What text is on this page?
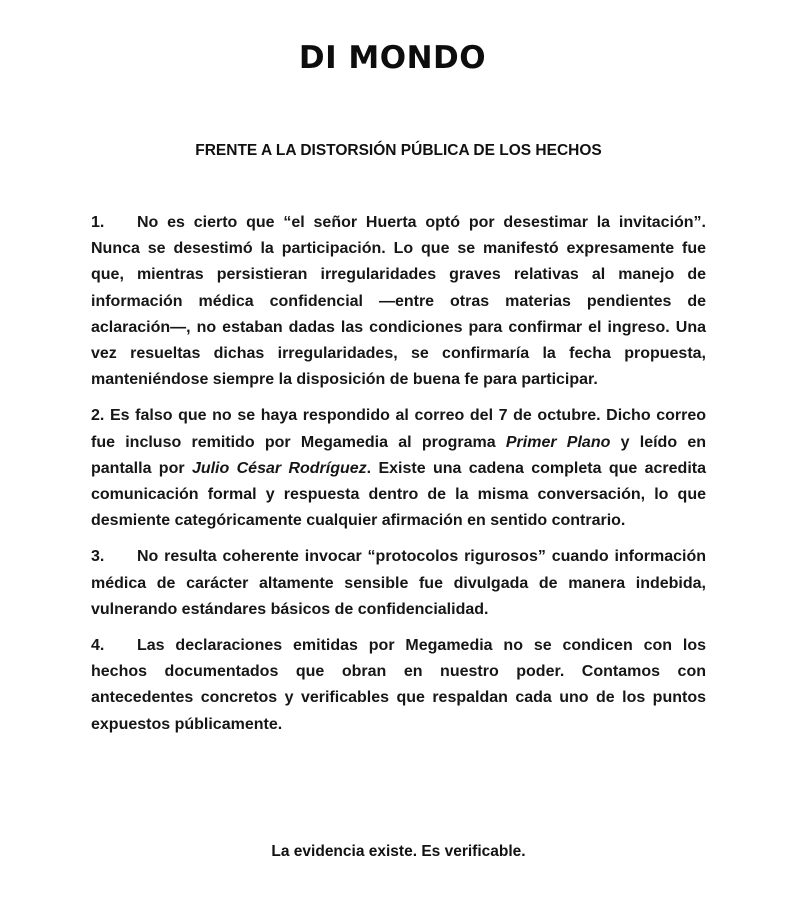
DI MONDO
FRENTE A LA DISTORSIÓN PÚBLICA DE LOS HECHOS

1. No es cierto que “el señor Huerta optó por desestimar la invitación”. Nunca se desestimó la participación. Lo que se manifestó expresamente fue que, mientras persistieran irregularidades graves relativas al manejo de información médica confidencial —entre otras materias pendientes de aclaración—, no estaban dadas las condiciones para confirmar el ingreso. Una vez resueltas dichas irregularidades, se confirmaría la fecha propuesta, manteniéndose siempre la disposición de buena fe para participar.

2. Es falso que no se haya respondido al correo del 7 de octubre. Dicho correo fue incluso remitido por Megamedia al programa Primer Plano y leído en pantalla por Julio César Rodríguez. Existe una cadena completa que acredita comunicación formal y respuesta dentro de la misma conversación, lo que desmiente categóricamente cualquier afirmación en sentido contrario.

3. No resulta coherente invocar “protocolos rigurosos” cuando información médica de carácter altamente sensible fue divulgada de manera indebida, vulnerando estándares básicos de confidencialidad.

4. Las declaraciones emitidas por Megamedia no se condicen con los hechos documentados que obran en nuestro poder. Contamos con antecedentes concretos y verificables que respaldan cada uno de los puntos expuestos públicamente.

La evidencia existe. Es verificable.
